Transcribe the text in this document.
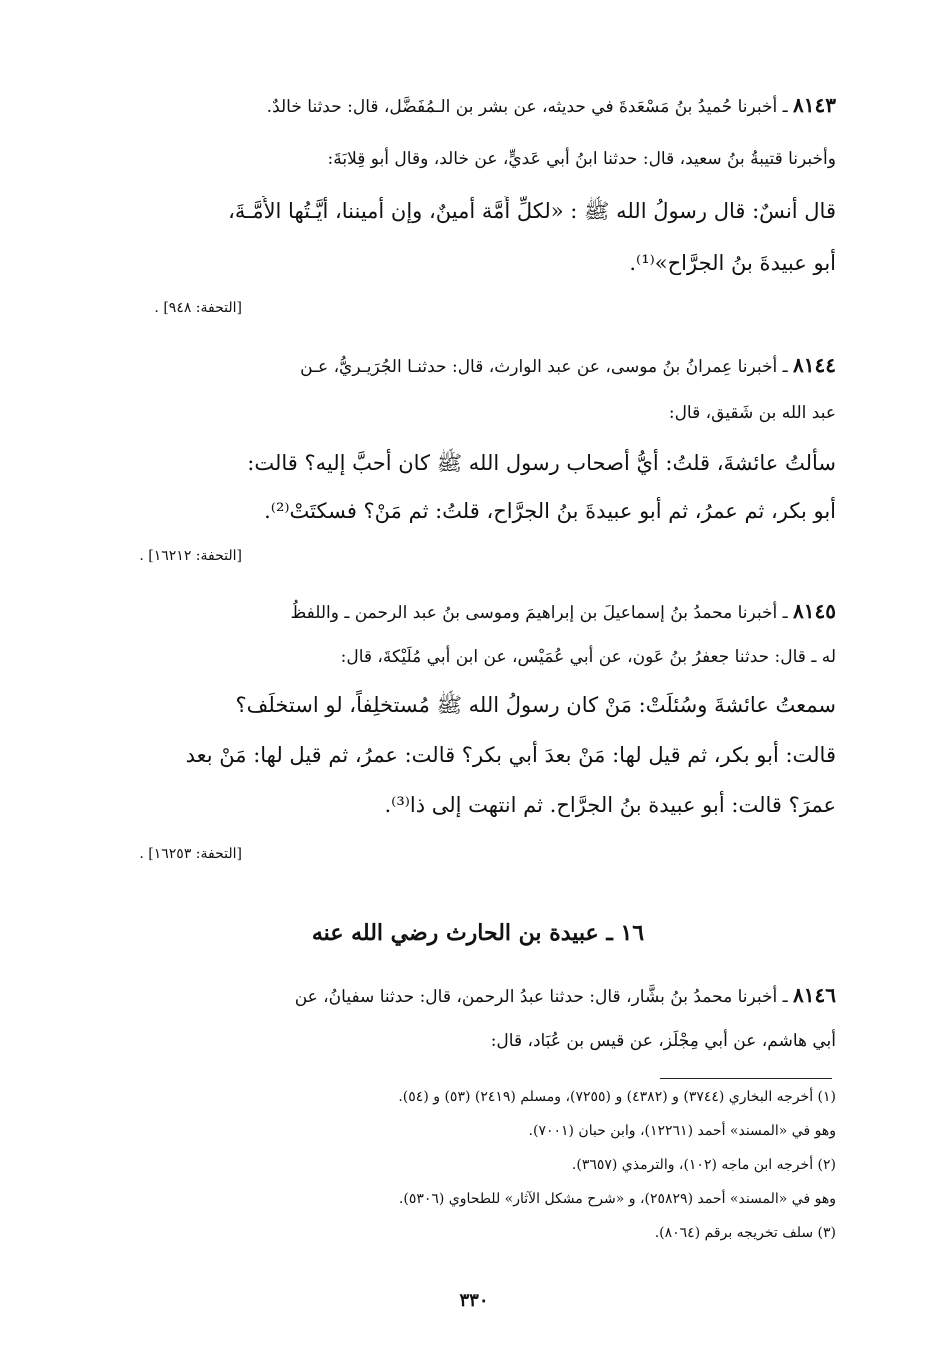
٨١٤٣ ـ أخبرنا حُميدُ بنُ مَسْعَدةَ في حديثه، عن بشر بن الـمُفَضَّل، قال: حدثنا خالدٌ.

وأخبرنا قتيبةُ بنُ سعيد، قال: حدثنا ابنُ أبي عَديٍّ، عن خالد، وقال أبو قِلابَةَ:

قال أنسٌ: قال رسولُ الله ﷺ : «لكلِّ أُمَّة أمينٌ، وإن أميننا، أيَّـتُها الأُمَّـةَ،

أبو عبيدةَ بنُ الجرَّاح»⁽¹⁾.

[التحفة: ٩٤٨] .

٨١٤٤ ـ أخبرنا عِمرانُ بنُ موسى، عن عبد الوارث، قال: حدثنـا الجُرَيـريُّ، عـن

عبد الله بن شَقيق، قال:

سألتُ عائشةَ، قلتُ: أيُّ أصحاب رسول الله ﷺ كان أحبَّ إليه؟ قالت:

أبو بكر، ثم عمرُ، ثم أبو عبيدةَ بنُ الجرَّاح، قلتُ: ثم مَنْ؟ فسكتَتْ⁽²⁾.

[التحفة: ١٦٢١٢] .

٨١٤٥ ـ أخبرنا محمدُ بنُ إسماعيلَ بن إبراهيمَ وموسى بنُ عبد الرحمن ـ واللفظُ

له ـ قال: حدثنا جعفرُ بنُ عَون، عن أبي عُمَيْس، عن ابن أبي مُلَيْكةَ، قال:

سمعتُ عائشةَ وسُئلَتْ: مَنْ كان رسولُ الله ﷺ مُستخلِفاً، لو استخلَف؟

قالت: أبو بكر، ثم قيل لها: مَنْ بعدَ أبي بكر؟ قالت: عمرُ، ثم قيل لها: مَنْ بعد

عمرَ؟ قالت: أبو عبيدة بنُ الجرَّاح. ثم انتهت إلى ذا⁽³⁾.

[التحفة: ١٦٢٥٣] .

١٦ ـ عبيدة بن الحارث رضي الله عنه

٨١٤٦ ـ أخبرنا محمدُ بنُ بشَّار، قال: حدثنا عبدُ الرحمن، قال: حدثنا سفيانُ، عن

أبي هاشم، عن أبي مِجْلَز، عن قيس بن عُبَاد، قال:

(١) أخرجه البخاري (٣٧٤٤) و (٤٣٨٢) و (٧٢٥٥)، ومسلم (٢٤١٩) (٥٣) و (٥٤).

وهو في «المسند» أحمد (١٢٢٦١)، وابن حبان (٧٠٠١).

(٢) أخرجه ابن ماجه (١٠٢)، والترمذي (٣٦٥٧).

وهو في «المسند» أحمد (٢٥٨٢٩)، و «شرح مشكل الآثار» للطحاوي (٥٣٠٦).

(٣) سلف تخريجه برقم (٨٠٦٤).

٣٣٠
